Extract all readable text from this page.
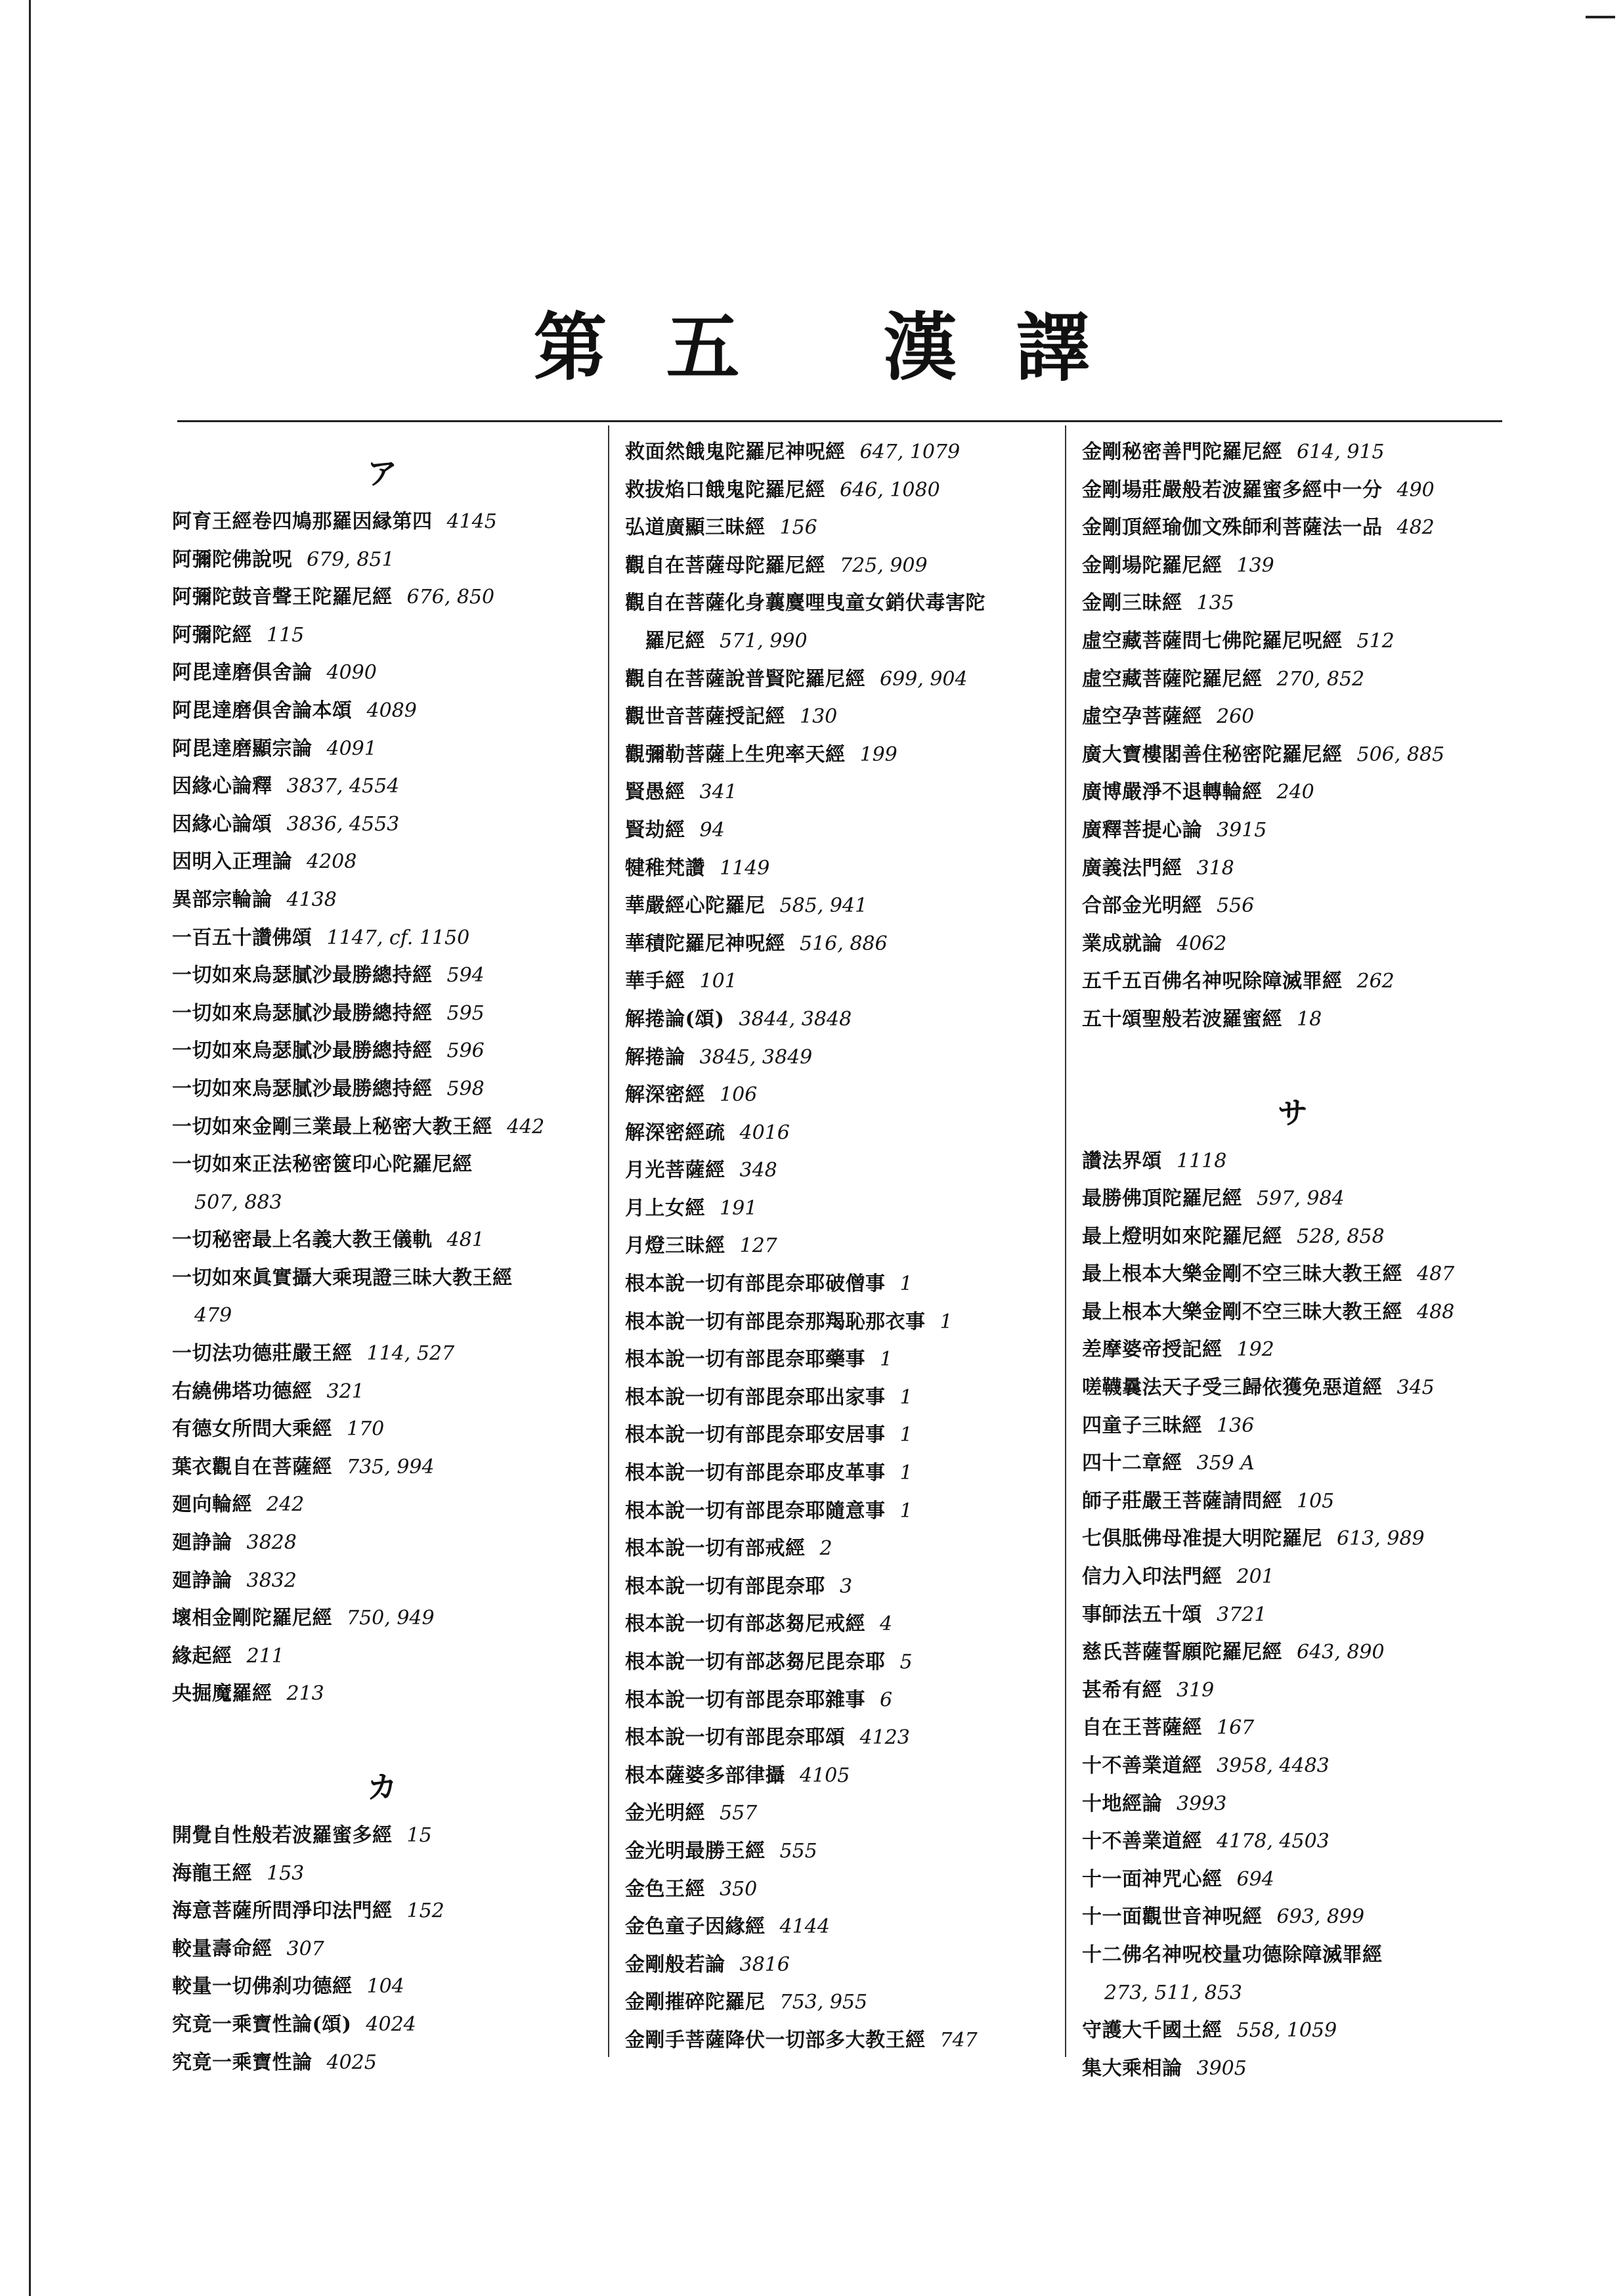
第五 漢譯
ア
阿育王經卷四鳩那羅因縁第四 4145
阿彌陀佛說呪 679, 851
阿彌陀鼓音聲王陀羅尼經 676, 850
阿彌陀經 115
阿毘達磨俱舍論 4090
阿毘達磨俱舍論本頌 4089
阿毘達磨顯宗論 4091
因緣心論釋 3837, 4554
因緣心論頌 3836, 4553
因明入正理論 4208
異部宗輪論 4138
一百五十讚佛頌 1147, cf. 1150
一切如來烏瑟膩沙最勝總持經 594
一切如來烏瑟膩沙最勝總持經 595
一切如來烏瑟膩沙最勝總持經 596
一切如來烏瑟膩沙最勝總持經 598
一切如來金剛三業最上秘密大教王經 442
一切如來正法秘密篋印心陀羅尼經
507, 883
一切秘密最上名義大教王儀軌 481
一切如來眞實攝大乘現證三昧大教王經
479
一切法功德莊嚴王經 114, 527
右繞佛塔功德經 321
有德女所問大乘經 170
葉衣觀自在菩薩經 735, 994
廻向輪經 242
廻諍論 3828
廻諍論 3832
壞相金剛陀羅尼經 750, 949
緣起經 211
央掘魔羅經 213
カ
開覺自性般若波羅蜜多經 15
海龍王經 153
海意菩薩所問淨印法門經 152
較量壽命經 307
較量一切佛刹功德經 104
究竟一乘寶性論(頌) 4024
究竟一乘寶性論 4025
救面然餓鬼陀羅尼神呪經 647, 1079
救拔焰口餓鬼陀羅尼經 646, 1080
弘道廣顯三昧經 156
觀自在菩薩母陀羅尼經 725, 909
觀自在菩薩化身蘘麌哩曳童女銷伏毒害陀
　羅尼經 571, 990
觀自在菩薩說普賢陀羅尼經 699, 904
觀世音菩薩授記經 130
觀彌勒菩薩上生兜率天經 199
賢愚經 341
賢劫經 94
犍稚梵讚 1149
華嚴經心陀羅尼 585, 941
華積陀羅尼神呪經 516, 886
華手經 101
解捲論(頌) 3844, 3848
解捲論 3845, 3849
解深密經 106
解深密經疏 4016
月光菩薩經 348
月上女經 191
月燈三昧經 127
根本說一切有部毘奈耶破僧事 1
根本說一切有部毘奈那羯恥那衣事 1
根本說一切有部毘奈耶藥事 1
根本說一切有部毘奈耶出家事 1
根本說一切有部毘奈耶安居事 1
根本說一切有部毘奈耶皮革事 1
根本說一切有部毘奈耶隨意事 1
根本說一切有部戒經 2
根本說一切有部毘奈耶 3
根本說一切有部苾芻尼戒經 4
根本說一切有部苾芻尼毘奈耶 5
根本說一切有部毘奈耶雜事 6
根本說一切有部毘奈耶頌 4123
根本薩婆多部律攝 4105
金光明經 557
金光明最勝王經 555
金色王經 350
金色童子因緣經 4144
金剛般若論 3816
金剛摧碎陀羅尼 753, 955
金剛手菩薩降伏一切部多大教王經 747
金剛秘密善門陀羅尼經 614, 915
金剛場莊嚴般若波羅蜜多經中一分 490
金剛頂經瑜伽文殊師利菩薩法一品 482
金剛場陀羅尼經 139
金剛三昧經 135
虛空藏菩薩問七佛陀羅尼呪經 512
虛空藏菩薩陀羅尼經 270, 852
虛空孕菩薩經 260
廣大寶樓閣善住秘密陀羅尼經 506, 885
廣博嚴淨不退轉輪經 240
廣釋菩提心論 3915
廣義法門經 318
合部金光明經 556
業成就論 4062
五千五百佛名神呪除障滅罪經 262
五十頌聖般若波羅蜜經 18
サ
讚法界頌 1118
最勝佛頂陀羅尼經 597, 984
最上燈明如來陀羅尼經 528, 858
最上根本大樂金剛不空三昧大教王經 487
最上根本大樂金剛不空三昧大教王經 488
差摩婆帝授記經 192
嗟韈曩法天子受三歸依獲免惡道經 345
四童子三昧經 136
四十二章經 359 A
師子莊嚴王菩薩請問經 105
七俱胝佛母准提大明陀羅尼 613, 989
信力入印法門經 201
事師法五十頌 3721
慈氏菩薩誓願陀羅尼經 643, 890
甚希有經 319
自在王菩薩經 167
十不善業道經 3958, 4483
十地經論 3993
十不善業道經 4178, 4503
十一面神咒心經 694
十一面觀世音神呪經 693, 899
十二佛名神呪校量功德除障滅罪經
273, 511, 853
守護大千國土經 558, 1059
集大乘相論 3905
